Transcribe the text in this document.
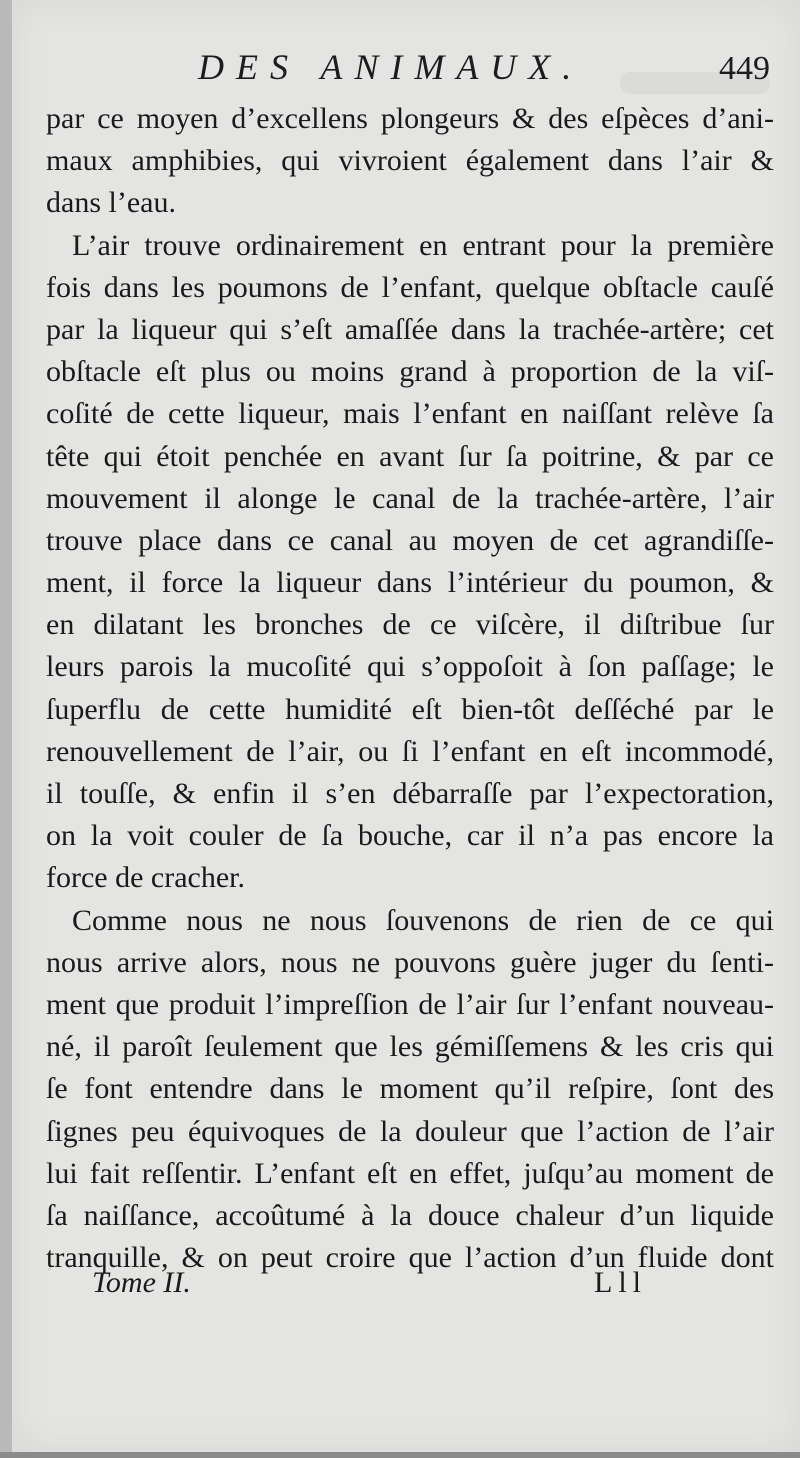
DES ANIMAUX.	449
par ce moyen d’excellens plongeurs & des eſpèces d’ani-
maux amphibies, qui vivroient également dans l’air &
dans l’eau.
L’air trouve ordinairement en entrant pour la première
fois dans les poumons de l’enfant, quelque obſtacle cauſé
par la liqueur qui s’eſt amaſſée dans la trachée-artère; cet
obſtacle eſt plus ou moins grand à proportion de la viſ-
coſité de cette liqueur, mais l’enfant en naiſſant relève ſa
tête qui étoit penchée en avant ſur ſa poitrine, & par ce
mouvement il alonge le canal de la trachée-artère, l’air
trouve place dans ce canal au moyen de cet agrandiſſe-
ment, il force la liqueur dans l’intérieur du poumon, &
en dilatant les bronches de ce viſcère, il diſtribue ſur
leurs parois la mucoſité qui s’oppoſoit à ſon paſſage; le
ſuperflu de cette humidité eſt bien-tôt deſſéché par le
renouvellement de l’air, ou ſi l’enfant en eſt incommodé,
il touſſe, & enfin il s’en débarraſſe par l’expectoration,
on la voit couler de ſa bouche, car il n’a pas encore la
force de cracher.
Comme nous ne nous ſouvenons de rien de ce qui
nous arrive alors, nous ne pouvons guère juger du ſenti-
ment que produit l’impreſſion de l’air ſur l’enfant nouveau-
né, il paroît ſeulement que les gémiſſemens & les cris qui
ſe font entendre dans le moment qu’il reſpire, ſont des
ſignes peu équivoques de la douleur que l’action de l’air
lui fait reſſentir. L’enfant eſt en effet, juſqu’au moment de
ſa naiſſance, accoûtumé à la douce chaleur d’un liquide
tranquille, & on peut croire que l’action d’un fluide dont
Tome II.	Lll
